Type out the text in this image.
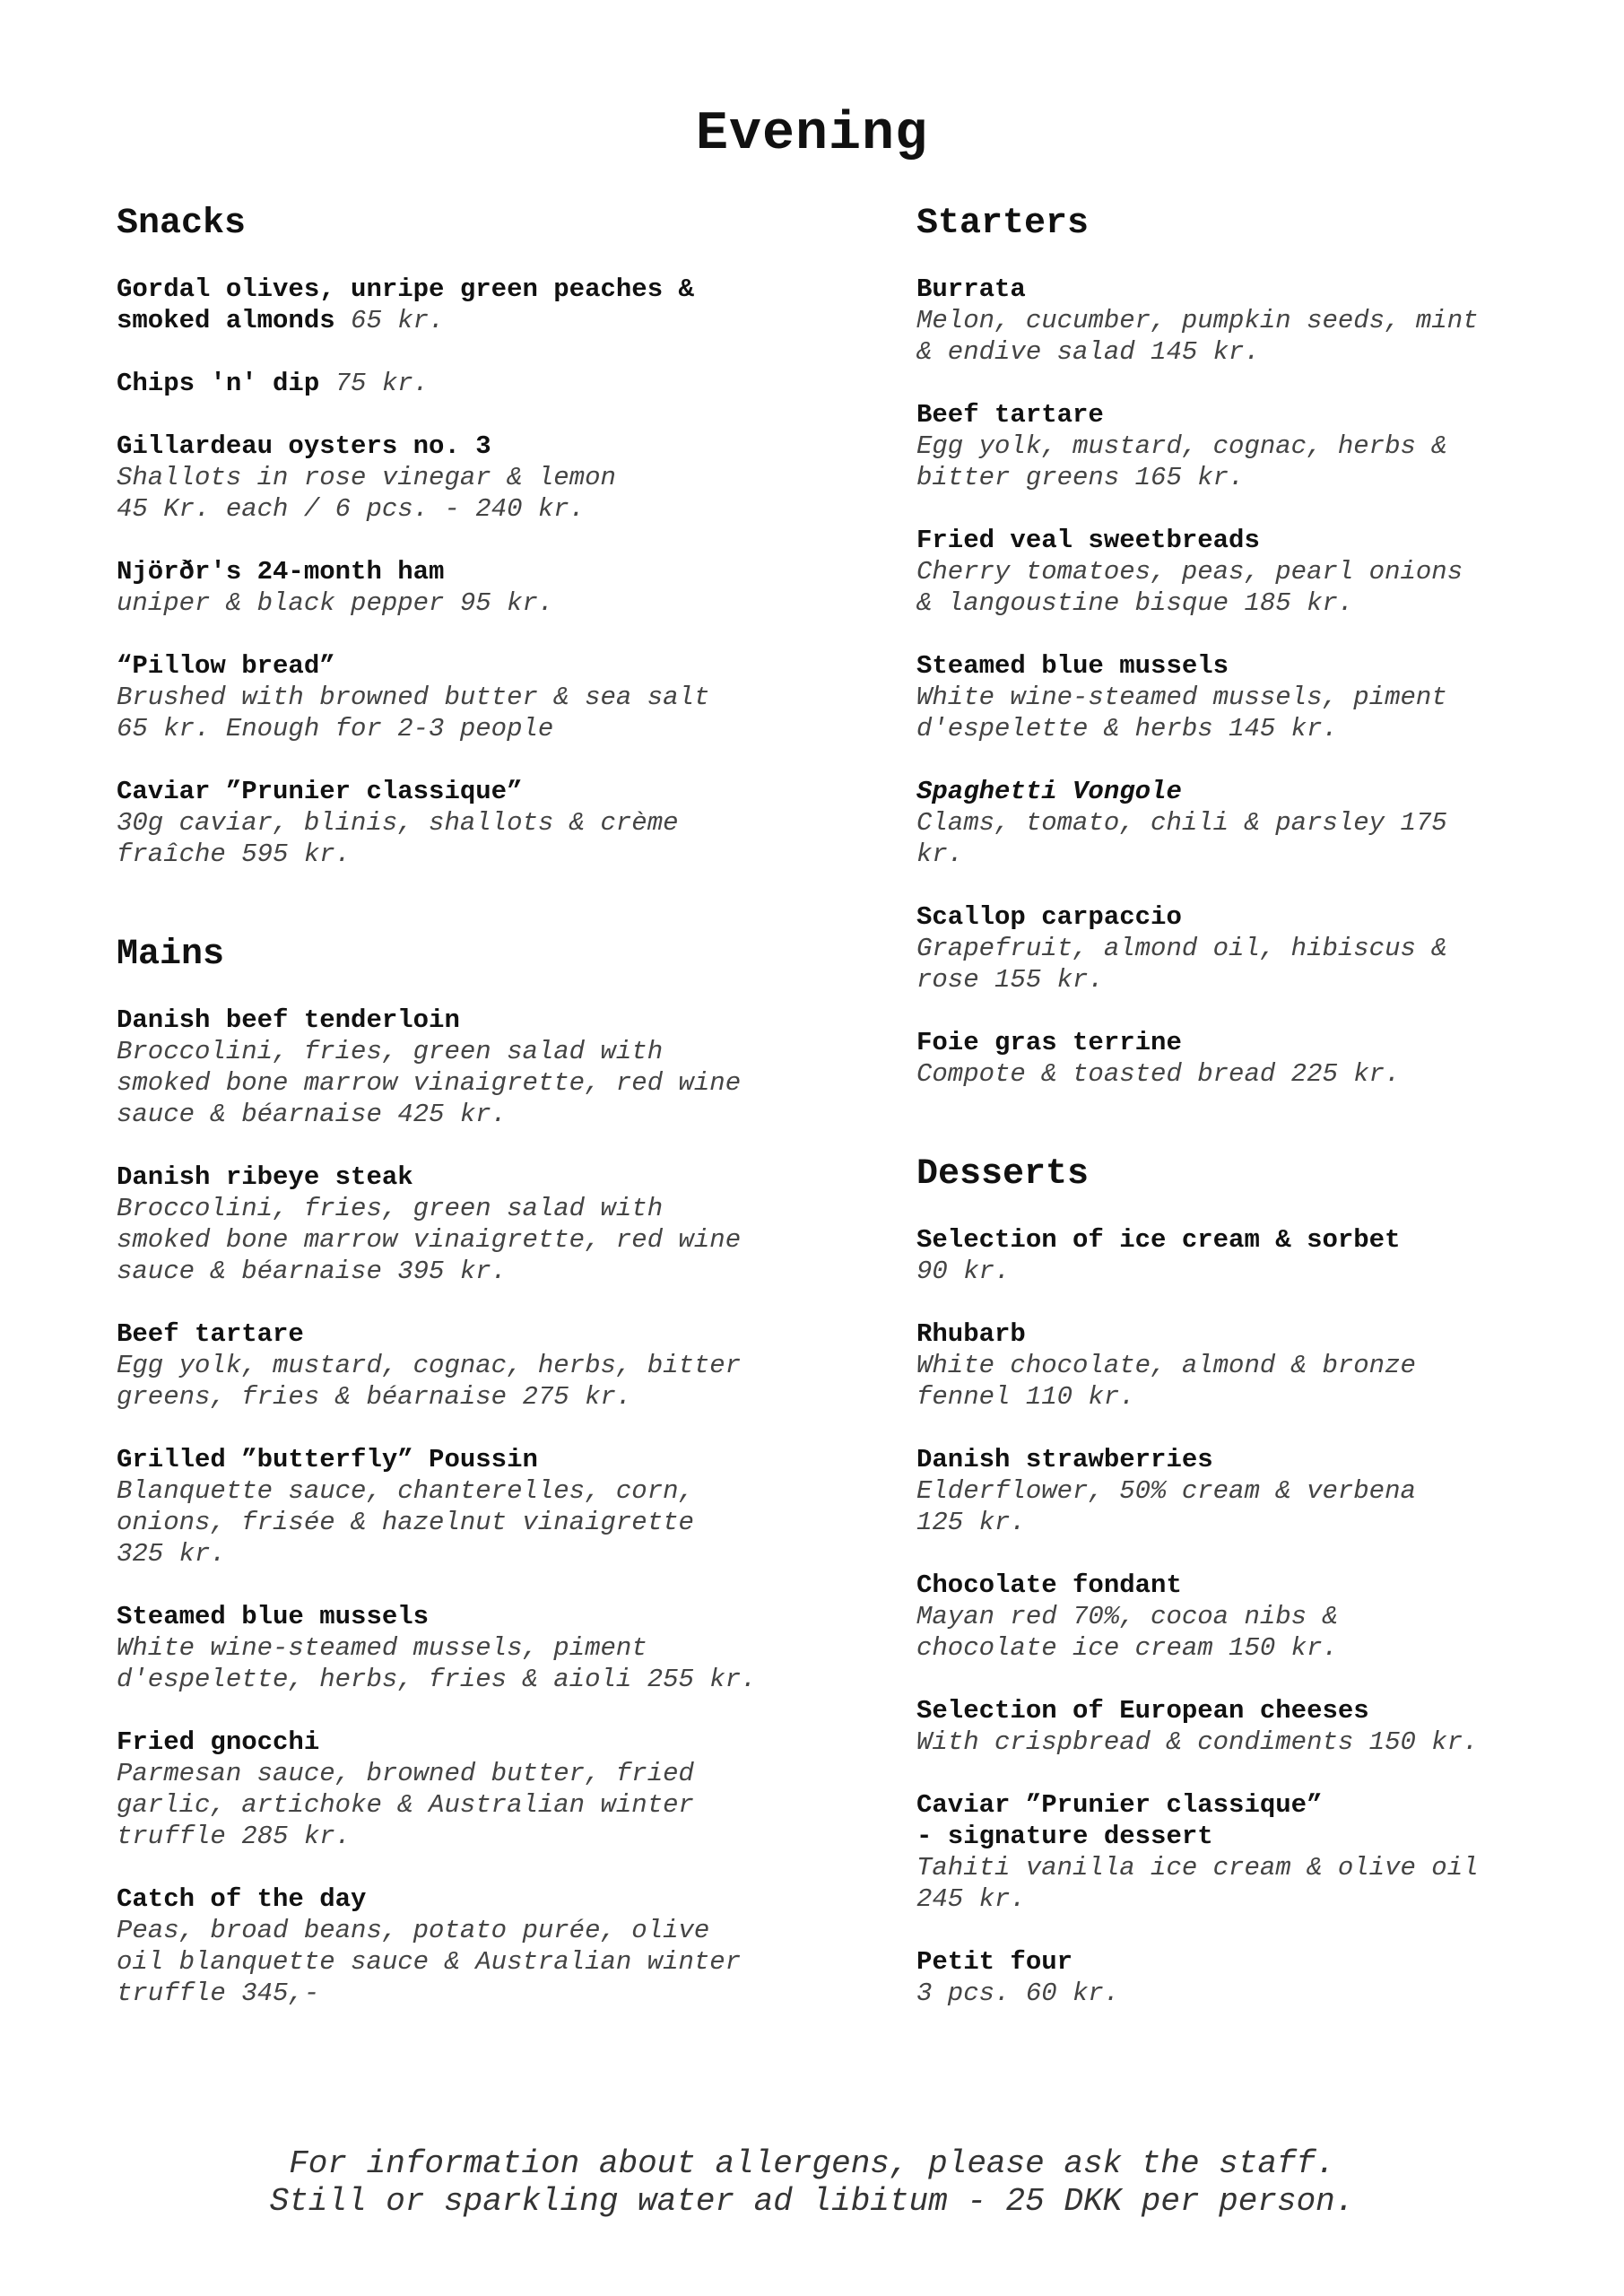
Evening
Snacks
Gordal olives, unripe green peaches &
smoked almonds 65 kr.
Chips 'n' dip 75 kr.
Gillardeau oysters no. 3
Shallots in rose vinegar & lemon
45 Kr. each / 6 pcs. - 240 kr.
Njörðr's 24-month ham
uniper & black pepper 95 kr.
“Pillow bread”
Brushed with browned butter & sea salt
65 kr. Enough for 2-3 people
Caviar ”Prunier classique”
30g caviar, blinis, shallots & crème
fraîche 595 kr.
Mains
Danish beef tenderloin
Broccolini, fries, green salad with
smoked bone marrow vinaigrette, red wine
sauce & béarnaise 425 kr.
Danish ribeye steak
Broccolini, fries, green salad with
smoked bone marrow vinaigrette, red wine
sauce & béarnaise 395 kr.
Beef tartare
Egg yolk, mustard, cognac, herbs, bitter
greens, fries & béarnaise 275 kr.
Grilled ”butterfly” Poussin
Blanquette sauce, chanterelles, corn,
onions, frisée & hazelnut vinaigrette
325 kr.
Steamed blue mussels
White wine-steamed mussels, piment
d'espelette, herbs, fries & aioli 255 kr.
Fried gnocchi
Parmesan sauce, browned butter, fried
garlic, artichoke & Australian winter
truffle 285 kr.
Catch of the day
Peas, broad beans, potato purée, olive
oil blanquette sauce & Australian winter
truffle 345,-
Starters
Burrata
Melon, cucumber, pumpkin seeds, mint
& endive salad 145 kr.
Beef tartare
Egg yolk, mustard, cognac, herbs &
bitter greens 165 kr.
Fried veal sweetbreads
Cherry tomatoes, peas, pearl onions
& langoustine bisque 185 kr.
Steamed blue mussels
White wine-steamed mussels, piment
d'espelette & herbs 145 kr.
Spaghetti Vongole
Clams, tomato, chili & parsley 175
kr.
Scallop carpaccio
Grapefruit, almond oil, hibiscus &
rose 155 kr.
Foie gras terrine
Compote & toasted bread 225 kr.
Desserts
Selection of ice cream & sorbet
90 kr.
Rhubarb
White chocolate, almond & bronze
fennel 110 kr.
Danish strawberries
Elderflower, 50% cream & verbena
125 kr.
Chocolate fondant
Mayan red 70%, cocoa nibs &
chocolate ice cream 150 kr.
Selection of European cheeses
With crispbread & condiments 150 kr.
Caviar ”Prunier classique”
- signature dessert
Tahiti vanilla ice cream & olive oil
245 kr.
Petit four
3 pcs. 60 kr.
For information about allergens, please ask the staff.
Still or sparkling water ad libitum - 25 DKK per person.
